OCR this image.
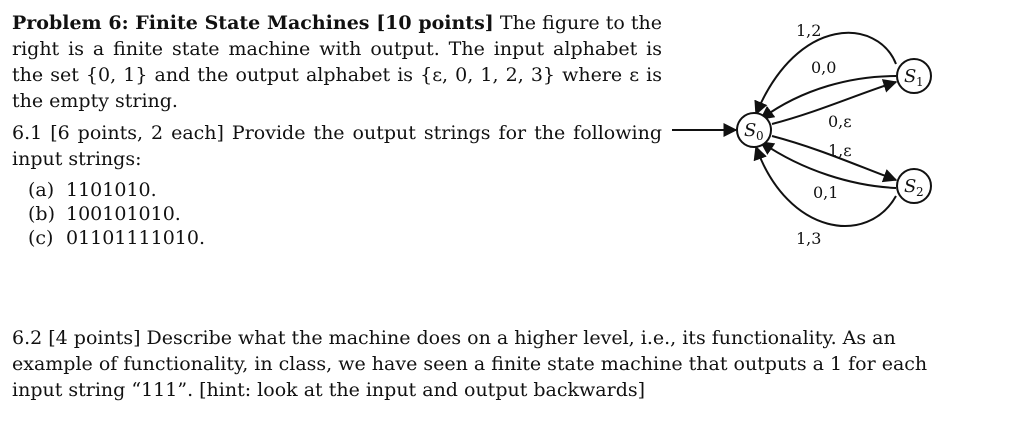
Problem 6: Finite State Machines [10 points] The figure to the right is a finite state machine with output. The input alphabet is the set {0, 1} and the output alphabet is {ε, 0, 1, 2, 3} where ε is the empty string.

6.1 [6 points, 2 each] Provide the output strings for the following input strings:

(a) 1101010.
(b) 100101010.
(c) 01101111010.

6.2 [4 points] Describe what the machine does on a higher level, i.e., its functionality. As an example of functionality, in class, we have seen a finite state machine that outputs a 1 for each input string “111”. [hint: look at the input and output backwards]

S 0
S 1
S 2
1,2
0,0
0,ε
1,ε
0,1
1,3
